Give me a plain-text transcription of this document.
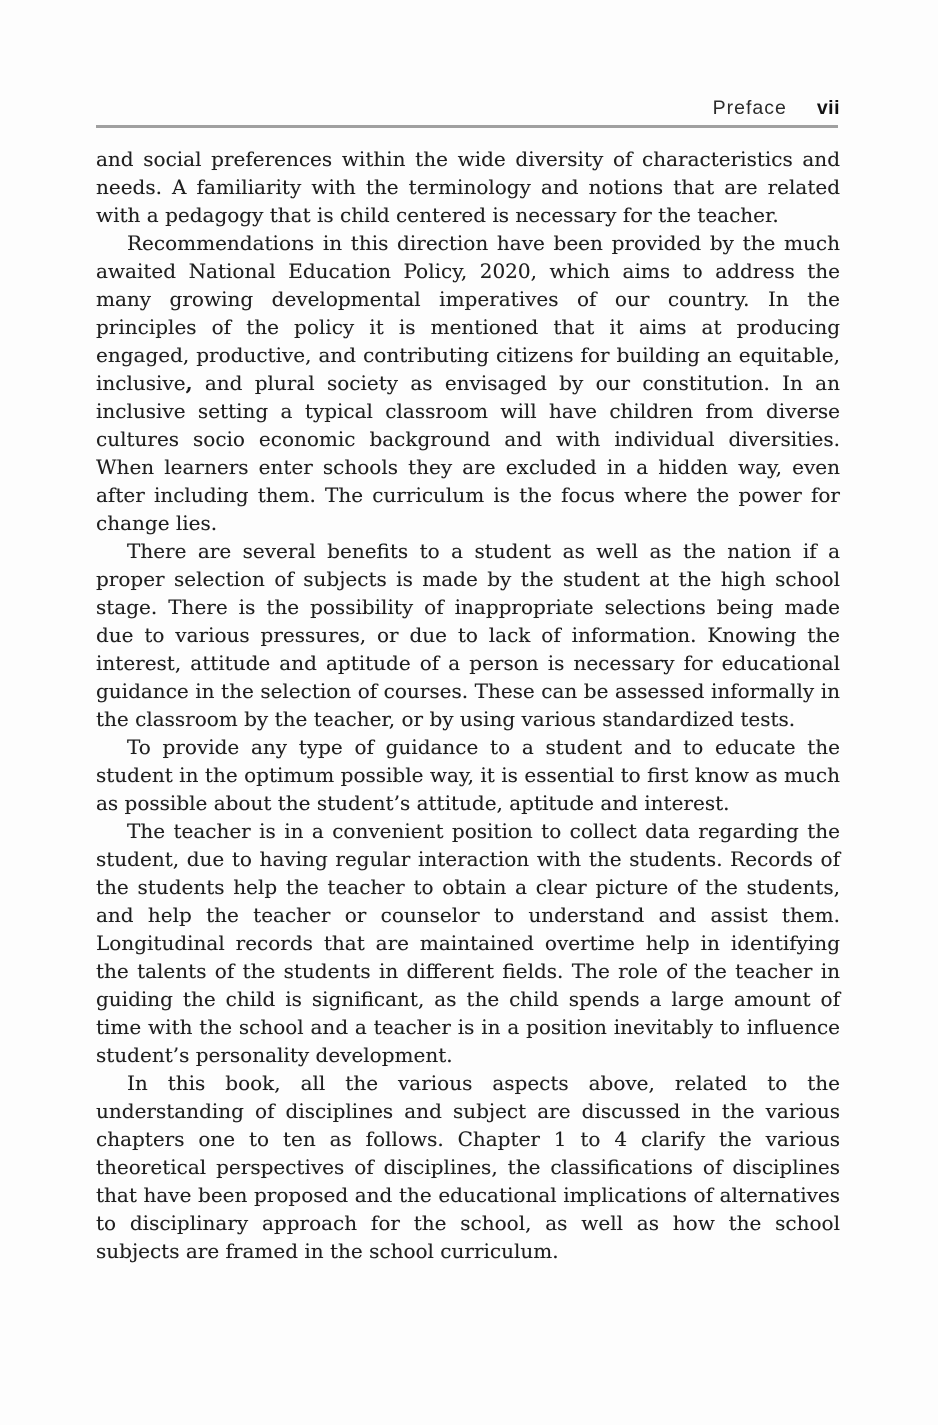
Preface vii

and social preferences within the wide diversity of characteristics and needs. A familiarity with the terminology and notions that are related with a pedagogy that is child centered is necessary for the teacher.

Recommendations in this direction have been provided by the much awaited National Education Policy, 2020, which aims to address the many growing developmental imperatives of our country. In the principles of the policy it is mentioned that it aims at producing engaged, productive, and contributing citizens for building an equitable, inclusive, and plural society as envisaged by our constitution. In an inclusive setting a typical classroom will have children from diverse cultures socio economic background and with individual diversities. When learners enter schools they are excluded in a hidden way, even after including them. The curriculum is the focus where the power for change lies.

There are several benefits to a student as well as the nation if a proper selection of subjects is made by the student at the high school stage. There is the possibility of inappropriate selections being made due to various pressures, or due to lack of information. Knowing the interest, attitude and aptitude of a person is necessary for educational guidance in the selection of courses. These can be assessed informally in the classroom by the teacher, or by using various standardized tests.

To provide any type of guidance to a student and to educate the student in the optimum possible way, it is essential to first know as much as possible about the student’s attitude, aptitude and interest.

The teacher is in a convenient position to collect data regarding the student, due to having regular interaction with the students. Records of the students help the teacher to obtain a clear picture of the students, and help the teacher or counselor to understand and assist them. Longitudinal records that are maintained overtime help in identifying the talents of the students in different fields. The role of the teacher in guiding the child is significant, as the child spends a large amount of time with the school and a teacher is in a position inevitably to influence student’s personality development.

In this book, all the various aspects above, related to the understanding of disciplines and subject are discussed in the various chapters one to ten as follows. Chapter 1 to 4 clarify the various theoretical perspectives of disciplines, the classifications of disciplines that have been proposed and the educational implications of alternatives to disciplinary approach for the school, as well as how the school subjects are framed in the school curriculum.
